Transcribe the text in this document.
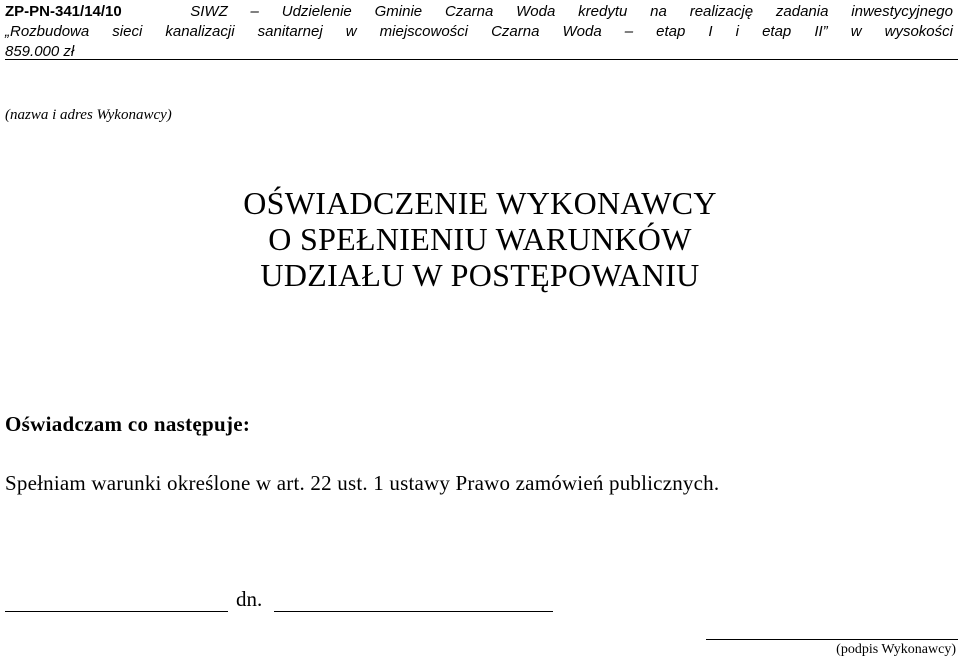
ZP-PN-341/14/10	SIWZ – Udzielenie Gminie Czarna Woda kredytu na realizację zadania inwestycyjnego
„Rozbudowa sieci kanalizacji sanitarnej w miejscowości Czarna Woda – etap I i etap II” w wysokości
859.000 zł
(nazwa i adres Wykonawcy)
OŚWIADCZENIE WYKONAWCY
O SPEŁNIENIU WARUNKÓW
UDZIAŁU W POSTĘPOWANIU
Oświadczam co następuje:
Spełniam warunki określone w art. 22 ust. 1 ustawy Prawo zamówień publicznych.
dn.
(podpis Wykonawcy)
